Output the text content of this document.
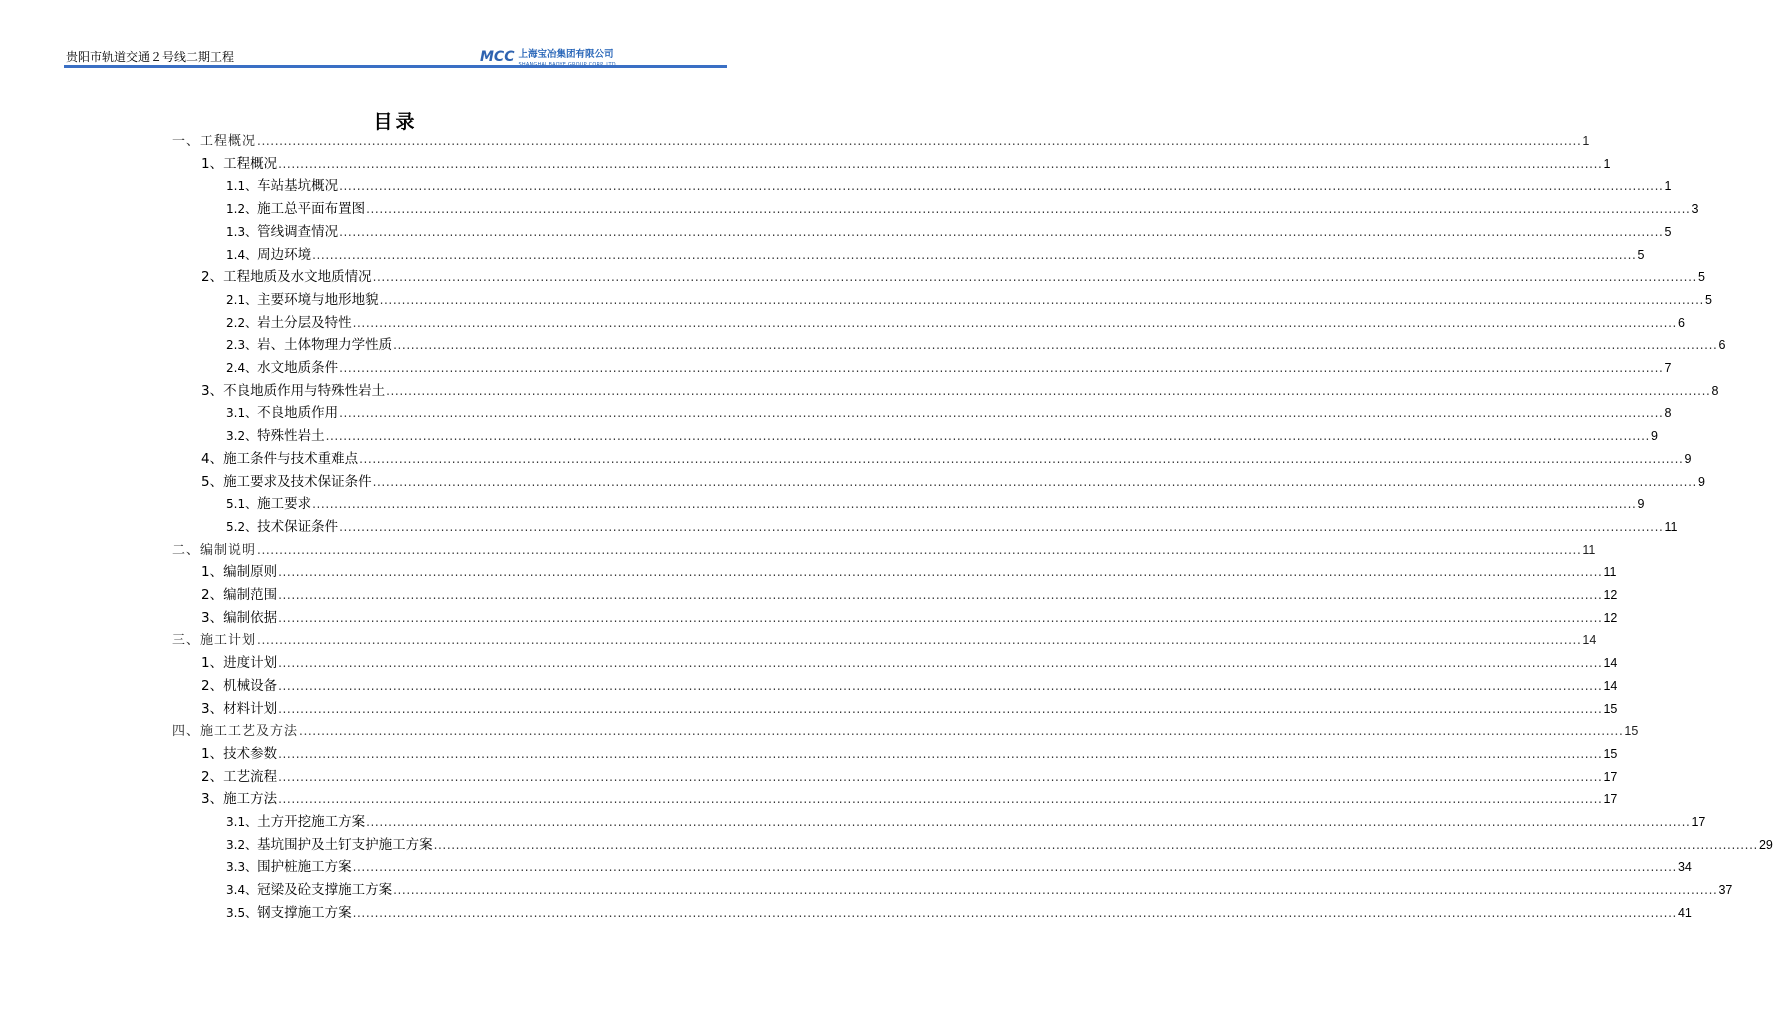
贵阳市轨道交通２号线二期工程	MCC 上海宝冶集团有限公司
目录
一、 工程概况 ............................................................................................................................................................................................................................................................................................................ 1
1、 工程概况 ............................................................................................................................................................................................................................................................................................................ 1
1.1、 车站基坑概况 ............................................................................................................................................................................................................................................................................................................ 1
1.2、 施工总平面布置图 ............................................................................................................................................................................................................................................................................................................ 3
1.3、 管线调查情况 ............................................................................................................................................................................................................................................................................................................ 5
1.4、 周边环境 ............................................................................................................................................................................................................................................................................................................ 5
2、 工程地质及水文地质情况 ............................................................................................................................................................................................................................................................................................................ 5
2.1、 主要环境与地形地貌 ............................................................................................................................................................................................................................................................................................................ 5
2.2、 岩土分层及特性 ............................................................................................................................................................................................................................................................................................................ 6
2.3、 岩、土体物理力学性质 ............................................................................................................................................................................................................................................................................................................ 6
2.4、 水文地质条件 ............................................................................................................................................................................................................................................................................................................ 7
3、 不良地质作用与特殊性岩土 ............................................................................................................................................................................................................................................................................................................ 8
3.1、 不良地质作用 ............................................................................................................................................................................................................................................................................................................ 8
3.2、 特殊性岩土 ............................................................................................................................................................................................................................................................................................................ 9
4、 施工条件与技术重难点 ............................................................................................................................................................................................................................................................................................................ 9
5、 施工要求及技术保证条件 ............................................................................................................................................................................................................................................................................................................ 9
5.1、 施工要求 ............................................................................................................................................................................................................................................................................................................ 9
5.2、 技术保证条件 ............................................................................................................................................................................................................................................................................................................ 11
二、 编制说明 ............................................................................................................................................................................................................................................................................................................ 11
1、 编制原则 ............................................................................................................................................................................................................................................................................................................ 11
2、 编制范围 ............................................................................................................................................................................................................................................................................................................ 12
3、 编制依据 ............................................................................................................................................................................................................................................................................................................ 12
三、 施工计划 ............................................................................................................................................................................................................................................................................................................ 14
1、 进度计划 ............................................................................................................................................................................................................................................................................................................ 14
2、 机械设备 ............................................................................................................................................................................................................................................................................................................ 14
3、 材料计划 ............................................................................................................................................................................................................................................................................................................ 15
四、 施工工艺及方法 ............................................................................................................................................................................................................................................................................................................ 15
1、 技术参数 ............................................................................................................................................................................................................................................................................................................ 15
2、 工艺流程 ............................................................................................................................................................................................................................................................................................................ 17
3、 施工方法 ............................................................................................................................................................................................................................................................................................................ 17
3.1、 土方开挖施工方案 ............................................................................................................................................................................................................................................................................................................ 17
3.2、 基坑围护及土钉支护施工方案 ............................................................................................................................................................................................................................................................................................................ 29
3.3、 围护桩施工方案 ............................................................................................................................................................................................................................................................................................................ 34
3.4、 冠梁及砼支撑施工方案 ............................................................................................................................................................................................................................................................................................................ 37
3.5、 钢支撑施工方案 ............................................................................................................................................................................................................................................................................................................ 41
